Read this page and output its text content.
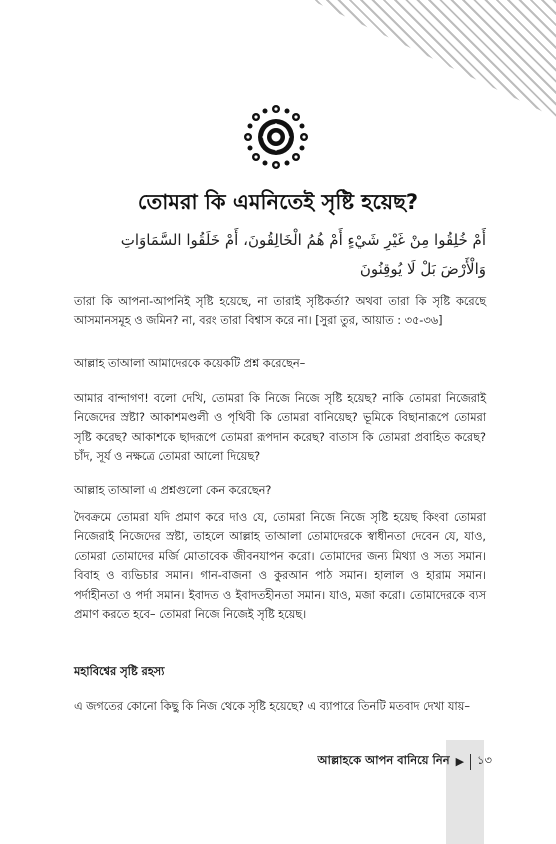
তোমরা কি এমনিতেই সৃষ্টি হয়েছ?
أَمْ خُلِقُوا مِنْ غَيْرِ شَيْءٍ أَمْ هُمُ الْخَالِقُونَ، أَمْ خَلَقُوا السَّمَاوَاتِ وَالْأَرْضَ بَلْ لَا يُوقِنُونَ
তারা কি আপনা-আপনিই সৃষ্টি হয়েছে, না তারাই সৃষ্টিকর্তা? অথবা তারা কি সৃষ্টি করেছে আসমানসমূহ ও জমিন? না, বরং তারা বিশ্বাস করে না। [সুরা তুর, আয়াত : ৩৫-৩৬]
আল্লাহ তাআলা আমাদেরকে কয়েকটি প্রশ্ন করেছেন–
আমার বান্দাগণ! বলো দেখি, তোমরা কি নিজে নিজে সৃষ্টি হয়েছ? নাকি তোমরা নিজেরাই নিজেদের স্রষ্টা? আকাশমণ্ডলী ও পৃথিবী কি তোমরা বানিয়েছ? ভূমিকে বিছানারূপে তোমরা সৃষ্টি করেছ? আকাশকে ছাদরূপে তোমরা রূপদান করেছ? বাতাস কি তোমরা প্রবাহিত করেছ? চাঁদ, সূর্য ও নক্ষত্রে তোমরা আলো দিয়েছ?
আল্লাহ তাআলা এ প্রশ্নগুলো কেন করেছেন?
দৈবক্রমে তোমরা যদি প্রমাণ করে দাও যে, তোমরা নিজে নিজে সৃষ্টি হয়েছ কিংবা তোমরা নিজেরাই নিজেদের স্রষ্টা, তাহলে আল্লাহ তাআলা তোমাদেরকে স্বাধীনতা দেবেন যে, যাও, তোমরা তোমাদের মর্জি মোতাবেক জীবনযাপন করো। তোমাদের জন্য মিথ্যা ও সত্য সমান। বিবাহ ও ব্যভিচার সমান। গান-বাজনা ও কুরআন পাঠ সমান। হালাল ও হারাম সমান। পর্দাহীনতা ও পর্দা সমান। ইবাদত ও ইবাদতহীনতা সমান। যাও, মজা করো। তোমাদেরকে ব্যস প্রমাণ করতে হবে– তোমরা নিজে নিজেই সৃষ্টি হয়েছ।
মহাবিশ্বের সৃষ্টি রহস্য
এ জগতের কোনো কিছু কি নিজ থেকে সৃষ্টি হয়েছে? এ ব্যাপারে তিনটি মতবাদ দেখা যায়–
আল্লাহকে আপন বানিয়ে নিন ▶ ১৩
